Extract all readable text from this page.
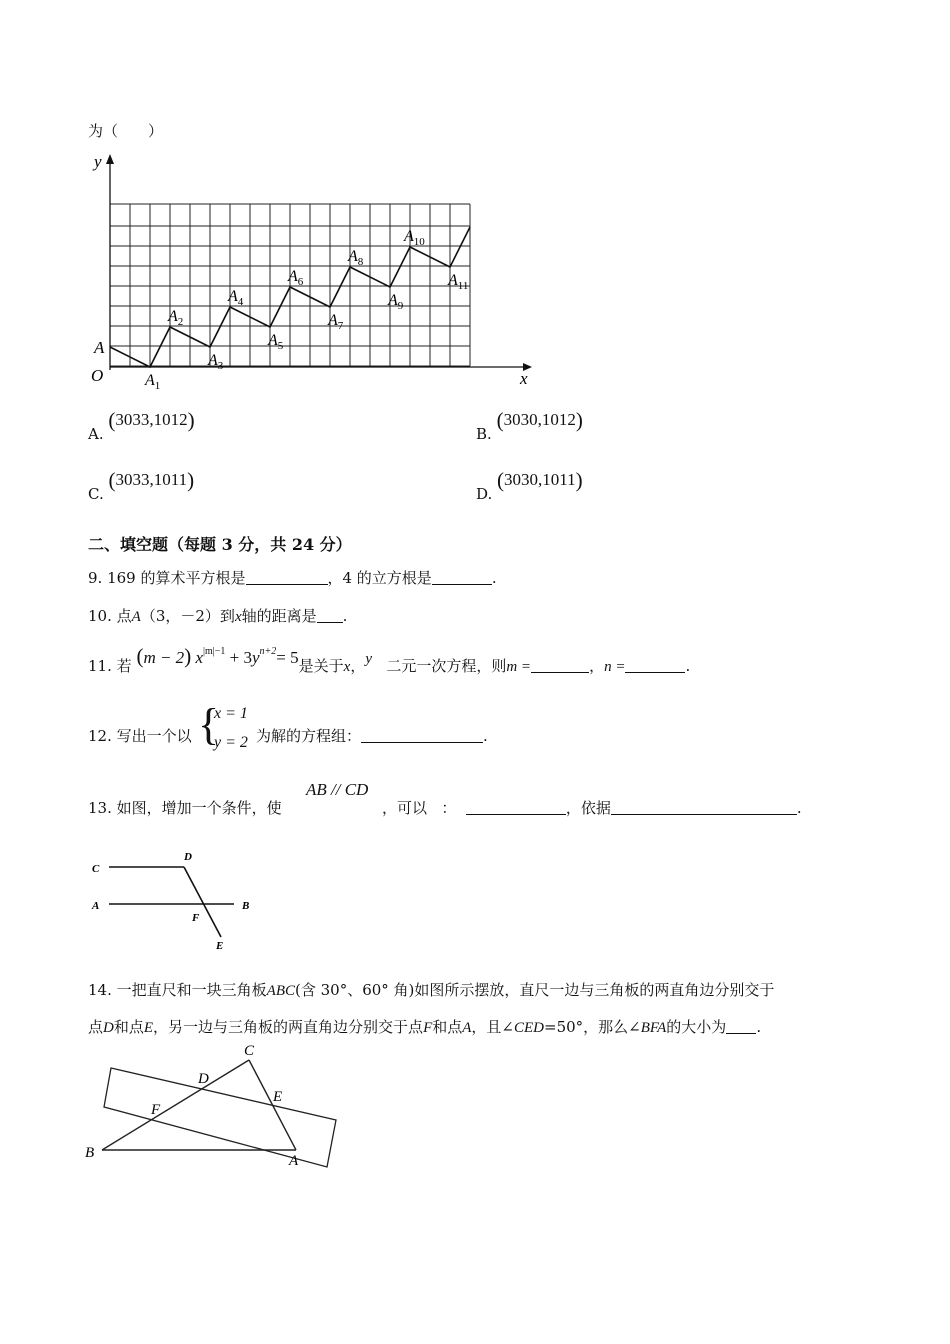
为（　　）
y
x
O
A
$A_1$
$A_2$
$A_3$
$A_4$
$A_5$
$A_6$
$A_7$
$A_8$
$A_9$
$A_{10}$
$A_{11}$
A. (3033,1012)
B. (3030,1012)
C. (3033,1011)
D. (3030,1011)
二、填空题（每题 3 分，共 24 分）
9. 169 的算术平方根是	，4 的立方根是	.
10. 点A（3，－2）到x轴的距离是 .
11. 若 (m − 2) $x^{|m|-1} + 3y^{n+2}= 5$是关于x，y 二元一次方程，则m =	，n =	.
12. 写出一个以 {
x = 1
y = 2 为解的方程组：	.
13. 如图，增加一个条件，使
AB // CD
，可以 ：	，依据	.
C
D
A
F
B
E
14. 一把直尺和一块三角板ABC(含 30°、60° 角)如图所示摆放，直尺一边与三角板的两直角边分别交于
点D和点E，另一边与三角板的两直角边分别交于点F和点A，且∠CED=50°，那么∠BFA的大小为 .
C
D
E
F
B	A
